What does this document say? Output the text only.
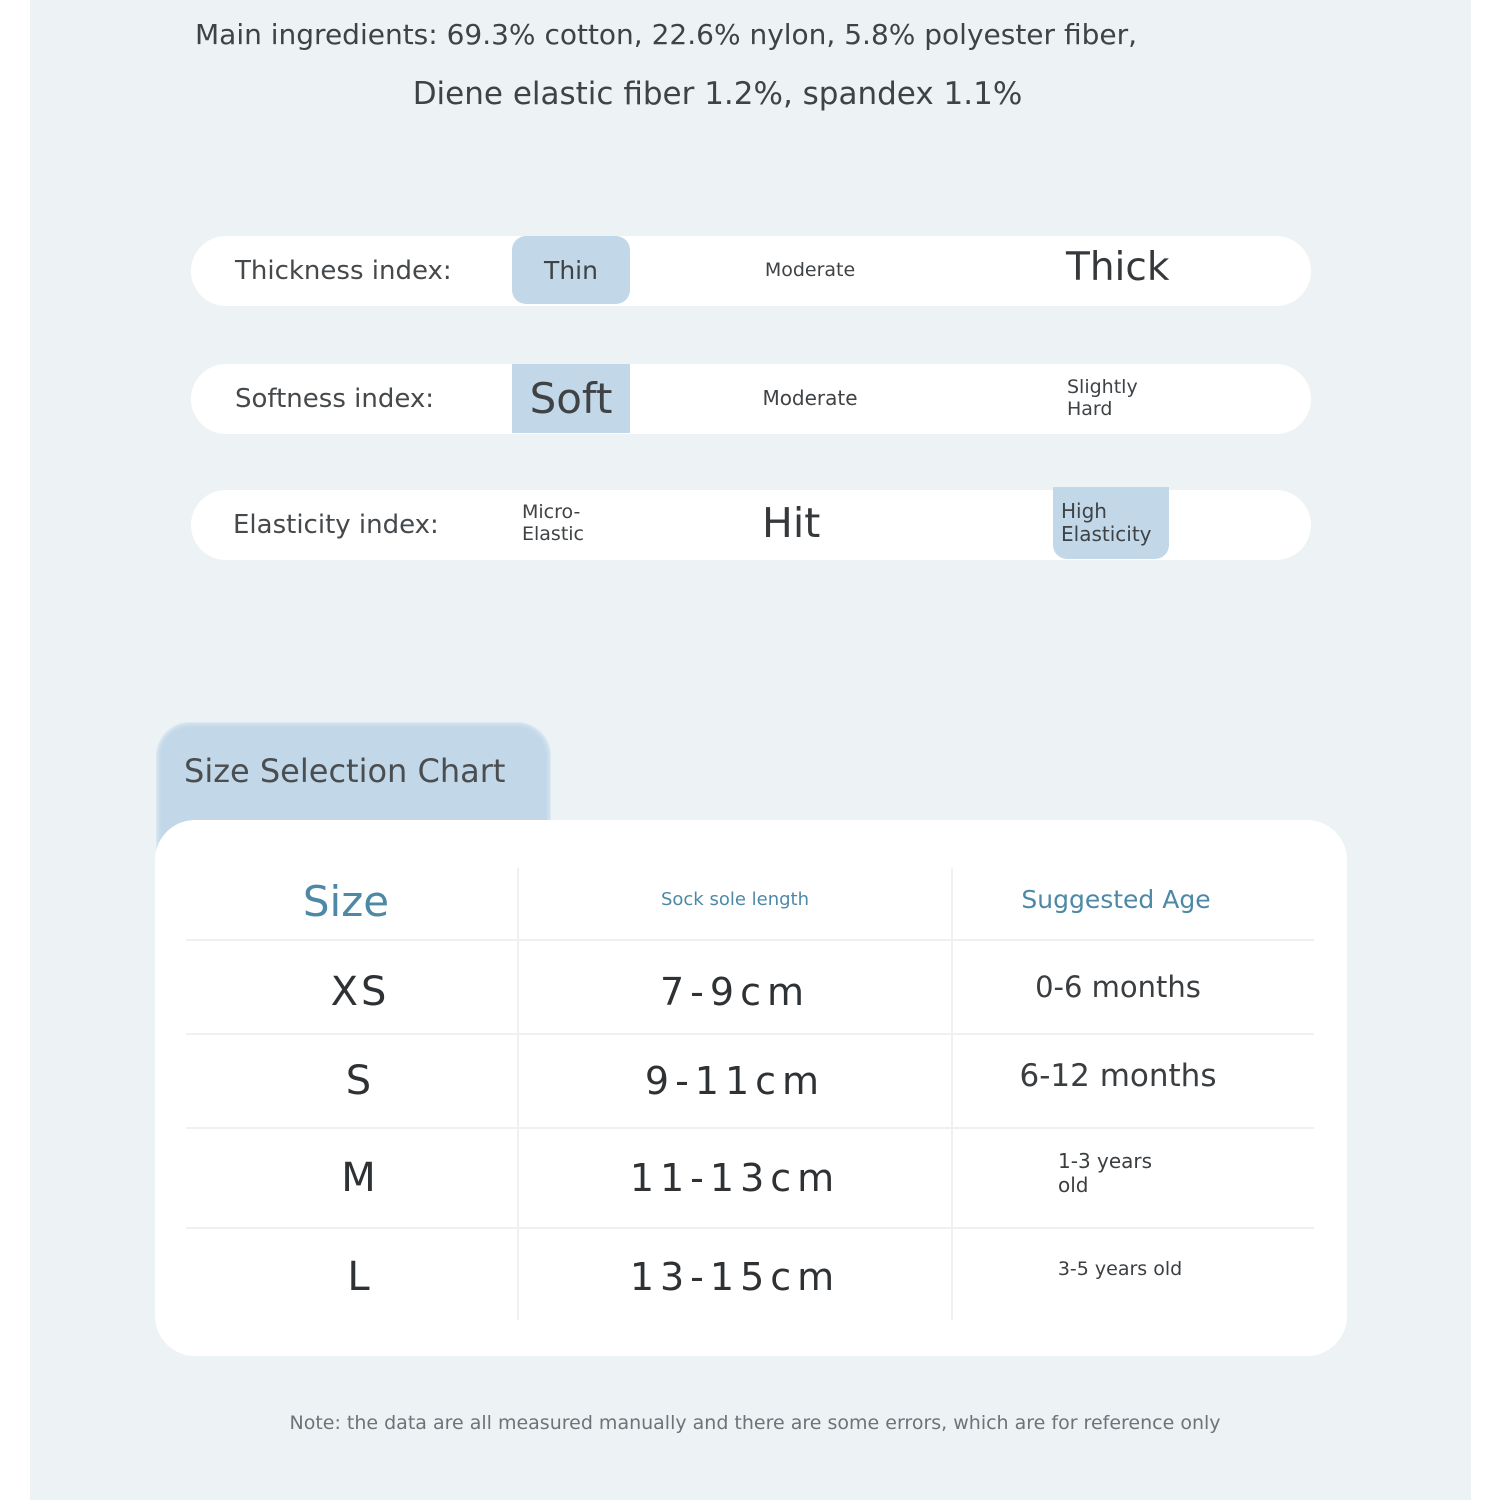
Main ingredients: 69.3% cotton, 22.6% nylon, 5.8% polyester fiber,
Diene elastic fiber 1.2%, spandex 1.1%
Thickness index:	Thin	Moderate	Thick
Softness index:	Soft	Moderate	Slightly Hard
Elasticity index:	Micro-Elastic	Hit	High Elasticity
Size Selection Chart
Size	Sock sole length	Suggested Age
XS	7-9cm	0-6 months
S	9-11cm	6-12 months
M	11-13cm	1-3 years old
L	13-15cm	3-5 years old
Note: the data are all measured manually and there are some errors, which are for reference only
